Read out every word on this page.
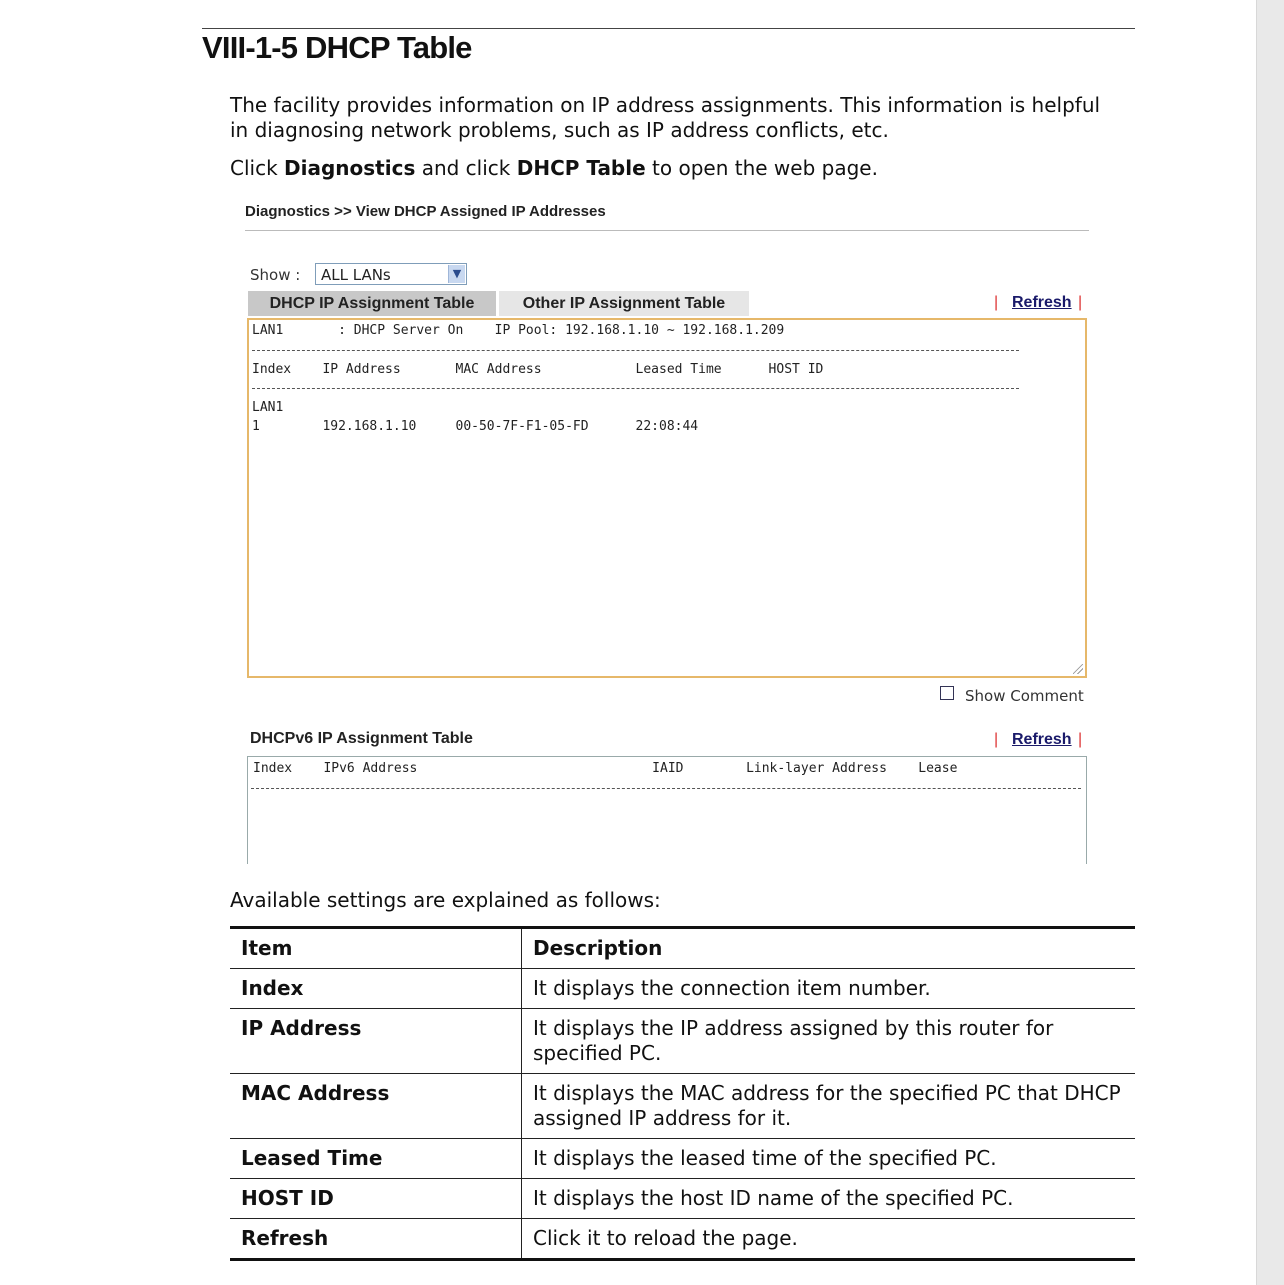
VIII-1-5 DHCP Table
The facility provides information on IP address assignments. This information is helpful in diagnosing network problems, such as IP address conflicts, etc.
Click Diagnostics and click DHCP Table to open the web page.
Diagnostics >> View DHCP Assigned IP Addresses
Show : ALL LANs	▼
DHCP IP Assignment Table	Other IP Assignment Table	| Refresh |
LAN1       : DHCP Server On    IP Pool: 192.168.1.10 ~ 192.168.1.209
Index    IP Address       MAC Address            Leased Time      HOST ID
LAN1
1        192.168.1.10     00-50-7F-F1-05-FD      22:08:44
Show Comment
DHCPv6 IP Assignment Table	| Refresh |
Index    IPv6 Address                              IAID        Link-layer Address    Lease
Available settings are explained as follows:
Item	Description
Index	It displays the connection item number.
IP Address	It displays the IP address assigned by this router for specified PC.
MAC Address	It displays the MAC address for the specified PC that DHCP assigned IP address for it.
Leased Time	It displays the leased time of the specified PC.
HOST ID	It displays the host ID name of the specified PC.
Refresh	Click it to reload the page.
